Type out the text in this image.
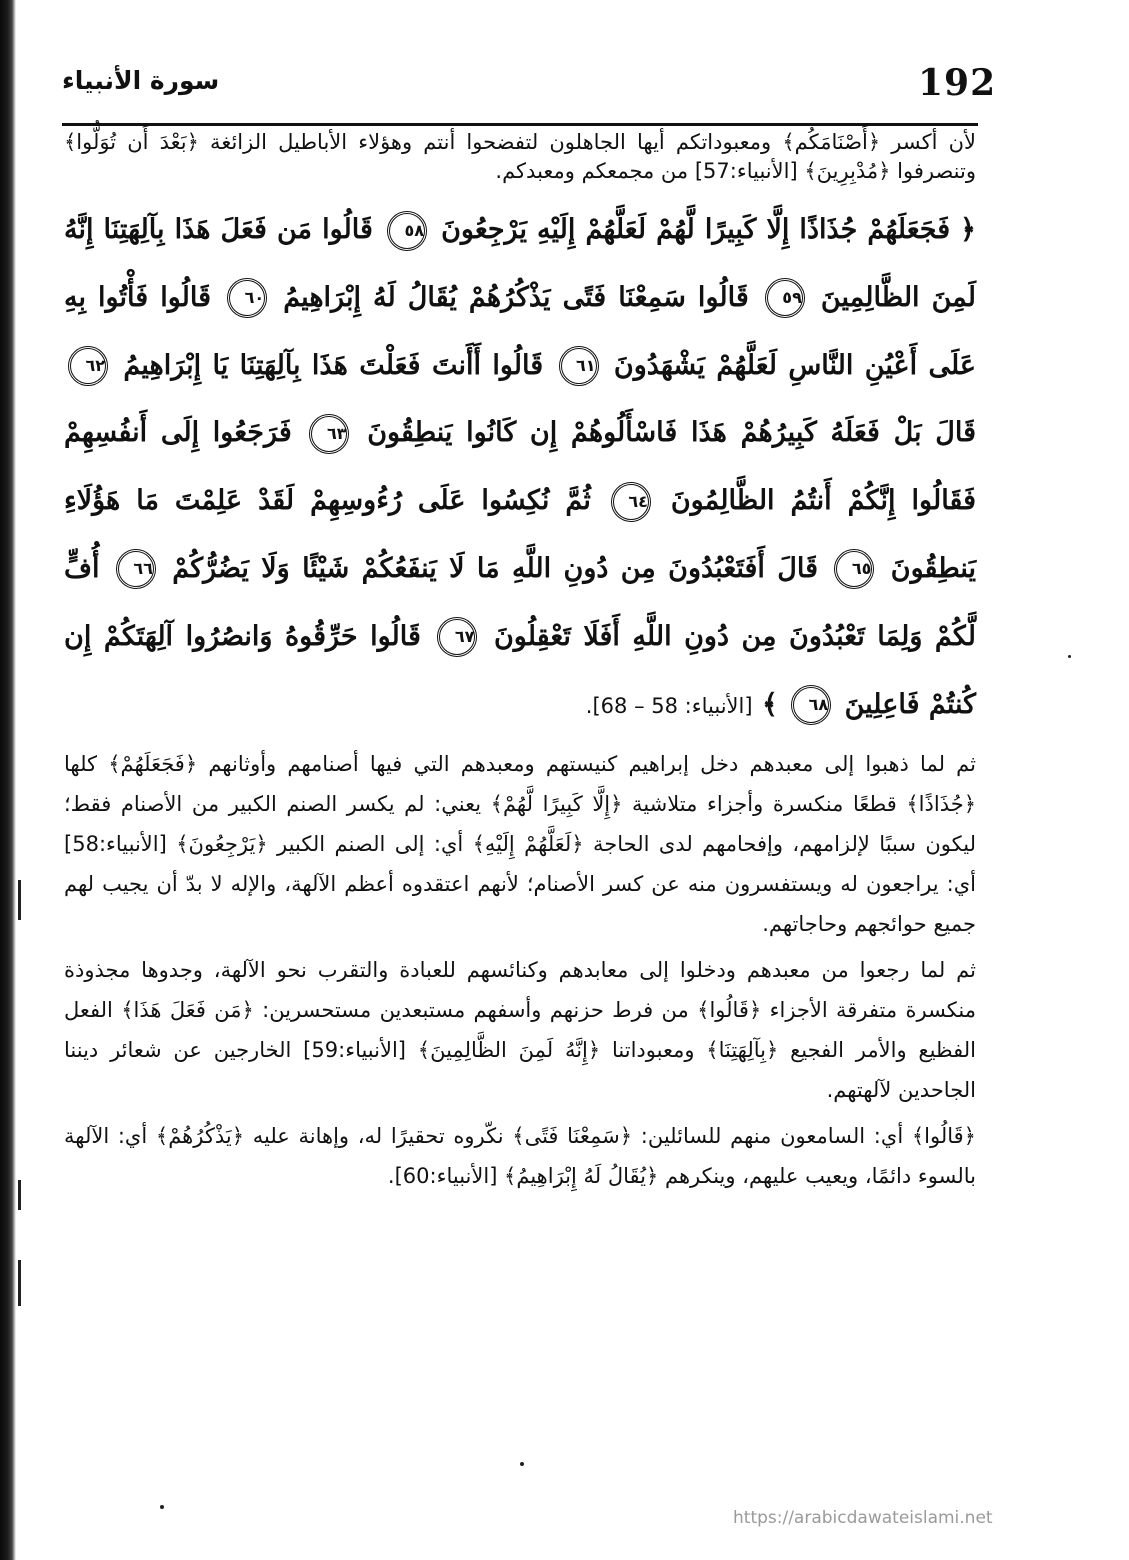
192
سورة الأنبياء

لأن أكسر ﴿أَصْنَامَكُم﴾ ومعبوداتكم أيها الجاهلون لتفضحوا أنتم وهؤلاء الأباطيل الزائغة ﴿بَعْدَ أَن تُوَلُّوا﴾ وتنصرفوا ﴿مُدْبِرِينَ﴾ [الأنبياء:57] من مجمعكم ومعبدكم.

﴿ فَجَعَلَهُمْ جُذَاذًا إِلَّا كَبِيرًا لَّهُمْ لَعَلَّهُمْ إِلَيْهِ يَرْجِعُونَ ٥٨ قَالُوا مَن فَعَلَ هَذَا بِآلِهَتِنَا إِنَّهُ لَمِنَ الظَّالِمِينَ ٥٩ قَالُوا سَمِعْنَا فَتًى يَذْكُرُهُمْ يُقَالُ لَهُ إِبْرَاهِيمُ ٦٠ قَالُوا فَأْتُوا بِهِ عَلَى أَعْيُنِ النَّاسِ لَعَلَّهُمْ يَشْهَدُونَ ٦١ قَالُوا أَأَنتَ فَعَلْتَ هَذَا بِآلِهَتِنَا يَا إِبْرَاهِيمُ ٦٢ قَالَ بَلْ فَعَلَهُ كَبِيرُهُمْ هَذَا فَاسْأَلُوهُمْ إِن كَانُوا يَنطِقُونَ ٦٣ فَرَجَعُوا إِلَى أَنفُسِهِمْ فَقَالُوا إِنَّكُمْ أَنتُمُ الظَّالِمُونَ ٦٤ ثُمَّ نُكِسُوا عَلَى رُءُوسِهِمْ لَقَدْ عَلِمْتَ مَا هَؤُلَاءِ يَنطِقُونَ ٦٥ قَالَ أَفَتَعْبُدُونَ مِن دُونِ اللَّهِ مَا لَا يَنفَعُكُمْ شَيْئًا وَلَا يَضُرُّكُمْ ٦٦ أُفٍّ لَّكُمْ وَلِمَا تَعْبُدُونَ مِن دُونِ اللَّهِ أَفَلَا تَعْقِلُونَ ٦٧ قَالُوا حَرِّقُوهُ وَانصُرُوا آلِهَتَكُمْ إِن كُنتُمْ فَاعِلِينَ ٦٨ ﴾ [الأنبياء: 58 – 68].

ثم لما ذهبوا إلى معبدهم دخل إبراهيم كنيستهم ومعبدهم التي فيها أصنامهم وأوثانهم ﴿فَجَعَلَهُمْ﴾ كلها ﴿جُذَاذًا﴾ قطعًا منكسرة وأجزاء متلاشية ﴿إِلَّا كَبِيرًا لَّهُمْ﴾ يعني: لم يكسر الصنم الكبير من الأصنام فقط؛ ليكون سببًا لإلزامهم، وإفحامهم لدى الحاجة ﴿لَعَلَّهُمْ إِلَيْهِ﴾ أي: إلى الصنم الكبير ﴿يَرْجِعُونَ﴾ [الأنبياء:58] أي: يراجعون له ويستفسرون منه عن كسر الأصنام؛ لأنهم اعتقدوه أعظم الآلهة، والإله لا بدّ أن يجيب لهم جميع حوائجهم وحاجاتهم.

ثم لما رجعوا من معبدهم ودخلوا إلى معابدهم وكنائسهم للعبادة والتقرب نحو الآلهة، وجدوها مجذوذة منكسرة متفرقة الأجزاء ﴿قَالُوا﴾ من فرط حزنهم وأسفهم مستبعدين مستحسرين: ﴿مَن فَعَلَ هَذَا﴾ الفعل الفظيع والأمر الفجيع ﴿بِآلِهَتِنَا﴾ ومعبوداتنا ﴿إِنَّهُ لَمِنَ الظَّالِمِينَ﴾ [الأنبياء:59] الخارجين عن شعائر ديننا الجاحدين لآلهتهم.

﴿قَالُوا﴾ أي: السامعون منهم للسائلين: ﴿سَمِعْنَا فَتًى﴾ نكّروه تحقيرًا له، وإهانة عليه ﴿يَذْكُرُهُمْ﴾ أي: الآلهة بالسوء دائمًا، ويعيب عليهم، وينكرهم ﴿يُقَالُ لَهُ إِبْرَاهِيمُ﴾ [الأنبياء:60].

https://arabicdawateislami.net
